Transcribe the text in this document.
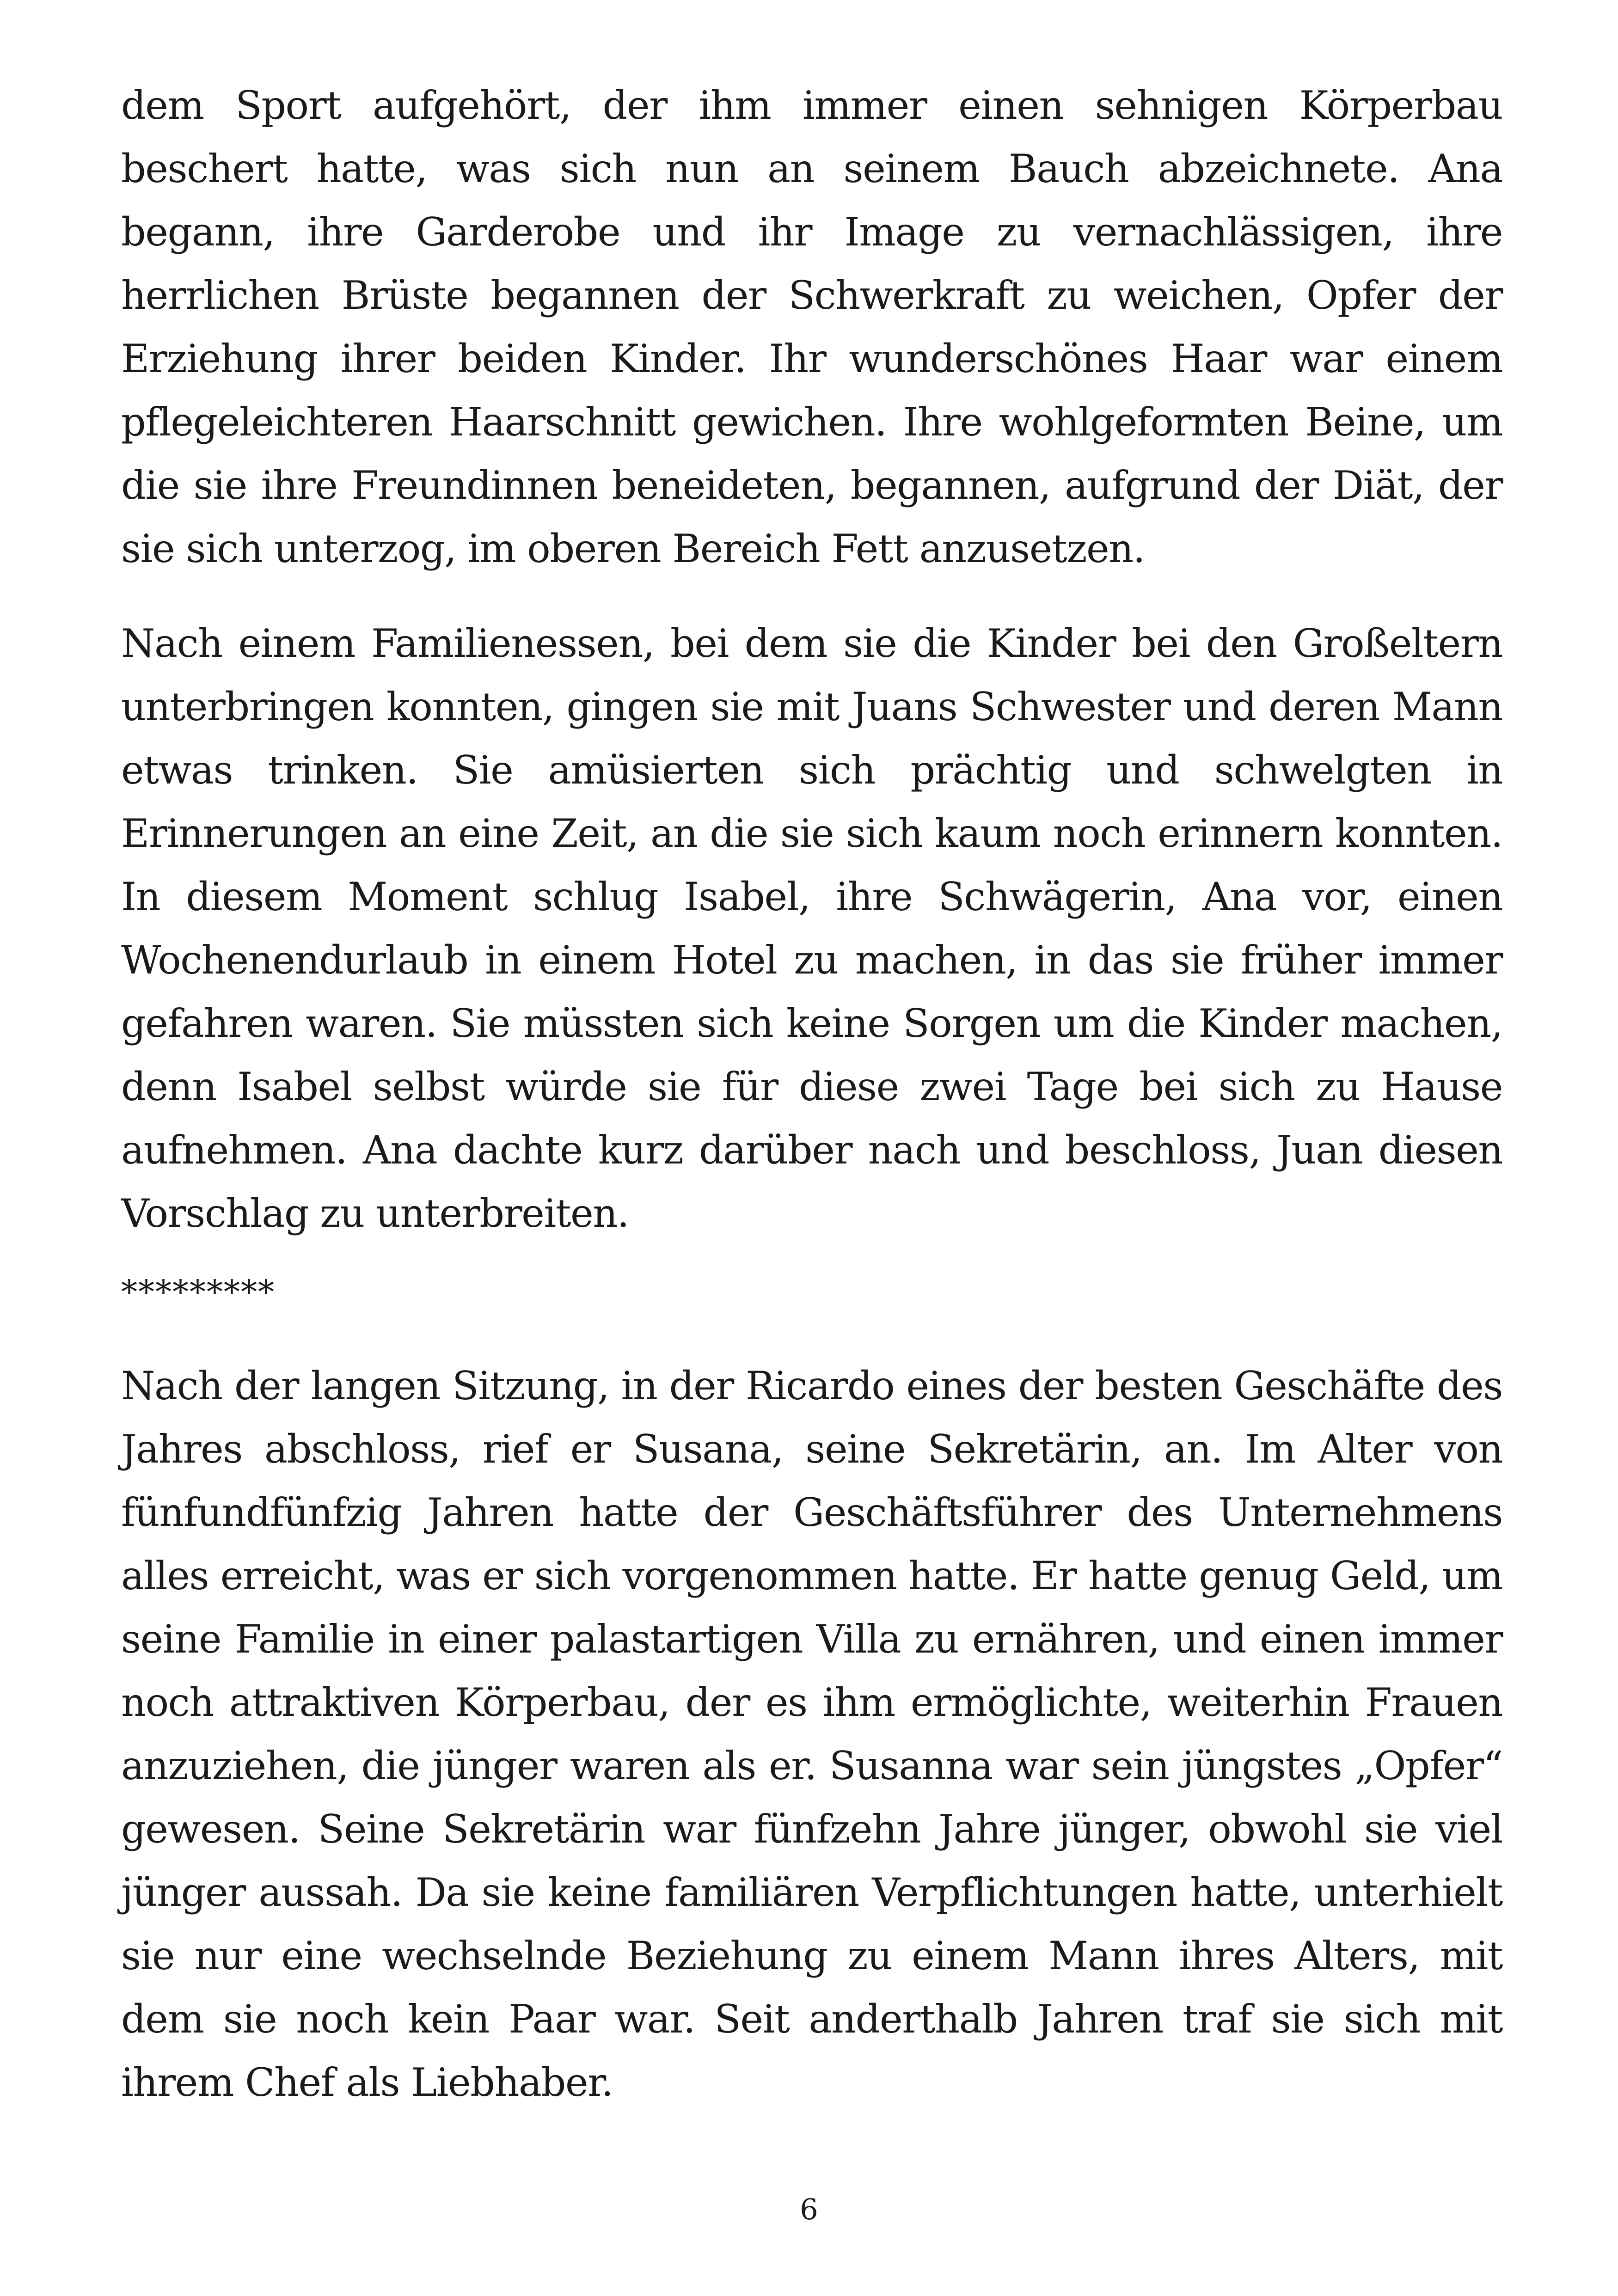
dem Sport aufgehört, der ihm immer einen sehnigen Körperbau beschert hatte, was sich nun an seinem Bauch abzeichnete. Ana begann, ihre Garderobe und ihr Image zu vernachlässigen, ihre herrlichen Brüste begannen der Schwerkraft zu weichen, Opfer der Erziehung ihrer beiden Kinder. Ihr wunderschönes Haar war einem pflegeleichteren Haarschnitt gewichen. Ihre wohlgeformten Beine, um die sie ihre Freundinnen beneideten, begannen, aufgrund der Diät, der sie sich unterzog, im oberen Bereich Fett anzusetzen.

Nach einem Familienessen, bei dem sie die Kinder bei den Großeltern unterbringen konnten, gingen sie mit Juans Schwester und deren Mann etwas trinken. Sie amüsierten sich prächtig und schwelgten in Erinnerungen an eine Zeit, an die sie sich kaum noch erinnern konnten. In diesem Moment schlug Isabel, ihre Schwägerin, Ana vor, einen Wochenendurlaub in einem Hotel zu machen, in das sie früher immer gefahren waren. Sie müssten sich keine Sorgen um die Kinder machen, denn Isabel selbst würde sie für diese zwei Tage bei sich zu Hause aufnehmen. Ana dachte kurz darüber nach und beschloss, Juan diesen Vorschlag zu unterbreiten.

*********

Nach der langen Sitzung, in der Ricardo eines der besten Geschäfte des Jahres abschloss, rief er Susana, seine Sekretärin, an. Im Alter von fünfundfünfzig Jahren hatte der Geschäftsführer des Unternehmens alles erreicht, was er sich vorgenommen hatte. Er hatte genug Geld, um seine Familie in einer palastartigen Villa zu ernähren, und einen immer noch attraktiven Körperbau, der es ihm ermöglichte, weiterhin Frauen anzuziehen, die jünger waren als er. Susanna war sein jüngstes „Opfer“ gewesen. Seine Sekretärin war fünfzehn Jahre jünger, obwohl sie viel jünger aussah. Da sie keine familiären Verpflichtungen hatte, unterhielt sie nur eine wechselnde Beziehung zu einem Mann ihres Alters, mit dem sie noch kein Paar war. Seit anderthalb Jahren traf sie sich mit ihrem Chef als Liebhaber.

6
